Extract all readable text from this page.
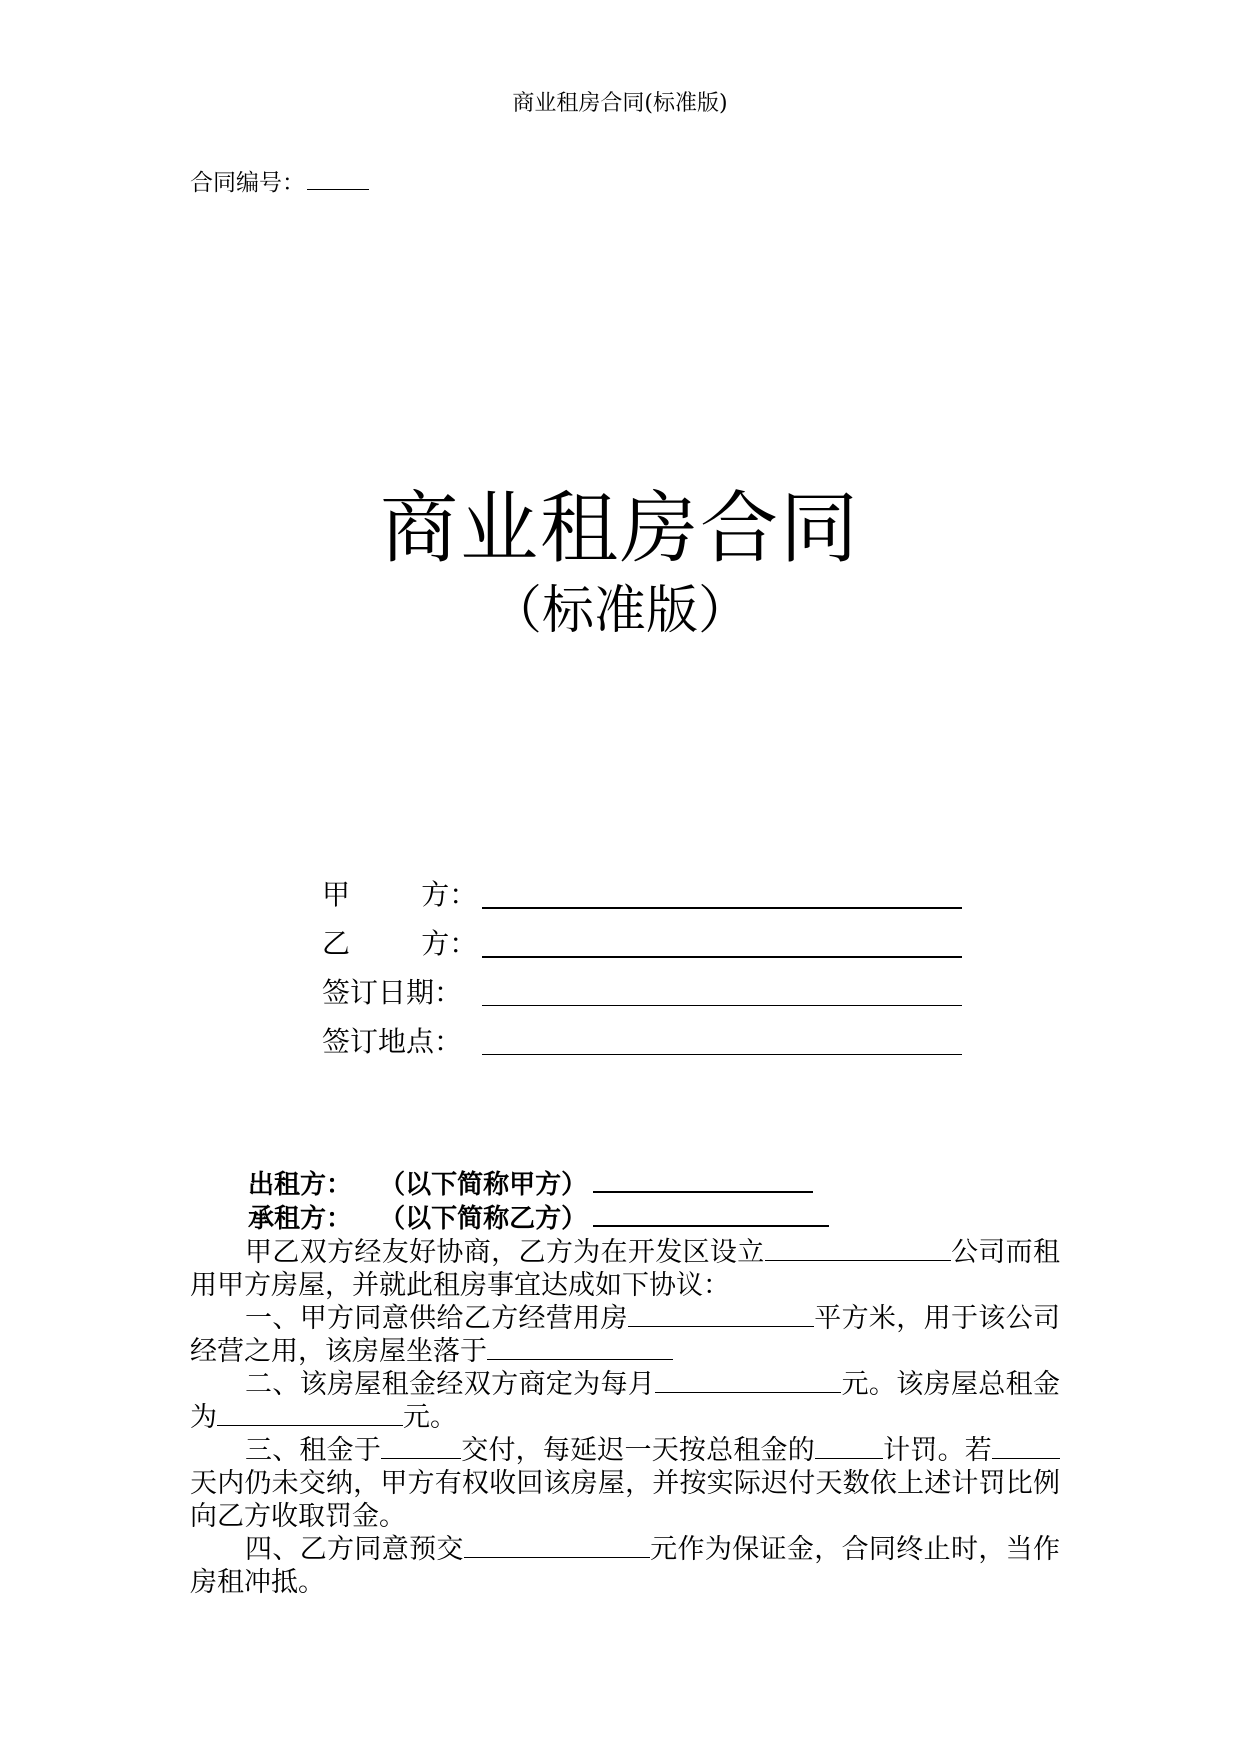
商业租房合同(标准版)
合同编号：
商业租房合同
（标准版）
甲        方：
乙        方：
签订日期：
签订地点：
出租方：   （以下简称甲方）
承租方：   （以下简称乙方）

甲乙双方经友好协商，乙方为在开发区设立	公司而租用甲方房屋，并就此租房事宜达成如下协议：

一、甲方同意供给乙方经营用房	平方米，用于该公司经营之用，该房屋坐落于

二、该房屋租金经双方商定为每月	元。该房屋总租金为	元。

三、租金于	交付，每延迟一天按总租金的	计罚。若天内仍未交纳，甲方有权收回该房屋，并按实际迟付天数依上述计罚比例向乙方收取罚金。

四、乙方同意预交	元作为保证金，合同终止时，当作房租冲抵。
